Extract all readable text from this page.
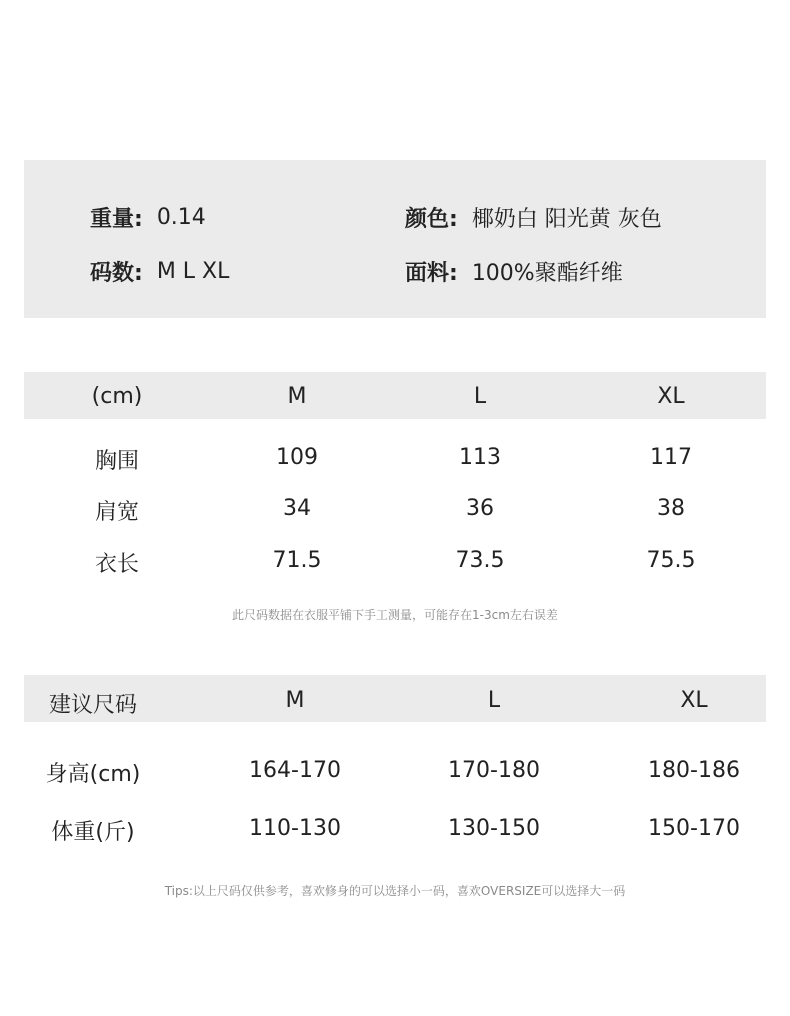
重量: 0.14
码数: M L XL
颜色: 椰奶白 阳光黄 灰色
面料: 100%聚酯纤维
(cm)	M	L	XL
胸围	109	113	117
肩宽	34	36	38
衣长	71.5	73.5	75.5
此尺码数据在衣服平铺下手工测量，可能存在1-3cm左右误差
建议尺码	M	L	XL
身高(cm)	164-170	170-180	180-186
体重(斤)	110-130	130-150	150-170
Tips:以上尺码仅供参考，喜欢修身的可以选择小一码，喜欢OVERSIZE可以选择大一码
